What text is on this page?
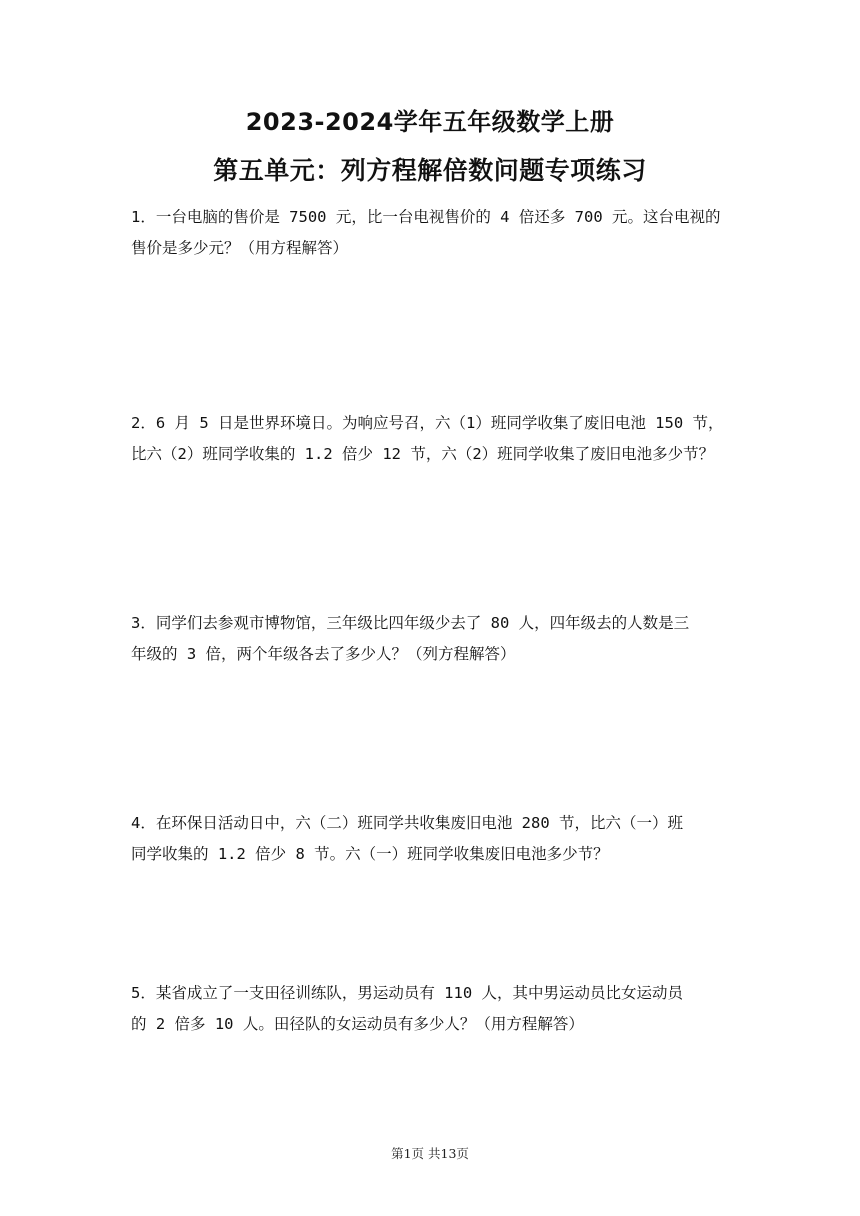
2023-2024学年五年级数学上册
第五单元：列方程解倍数问题专项练习
1．一台电脑的售价是 7500 元，比一台电视售价的 4 倍还多 700 元。这台电视的
售价是多少元？（用方程解答）
2．6 月 5 日是世界环境日。为响应号召，六（1）班同学收集了废旧电池 150 节，
比六（2）班同学收集的 1.2 倍少 12 节，六（2）班同学收集了废旧电池多少节？
3．同学们去参观市博物馆，三年级比四年级少去了 80 人，四年级去的人数是三
年级的 3 倍，两个年级各去了多少人？（列方程解答）
4．在环保日活动日中，六（二）班同学共收集废旧电池 280 节，比六（一）班
同学收集的 1.2 倍少 8 节。六（一）班同学收集废旧电池多少节？
5．某省成立了一支田径训练队，男运动员有 110 人，其中男运动员比女运动员
的 2 倍多 10 人。田径队的女运动员有多少人？（用方程解答）
第1页 共13页
